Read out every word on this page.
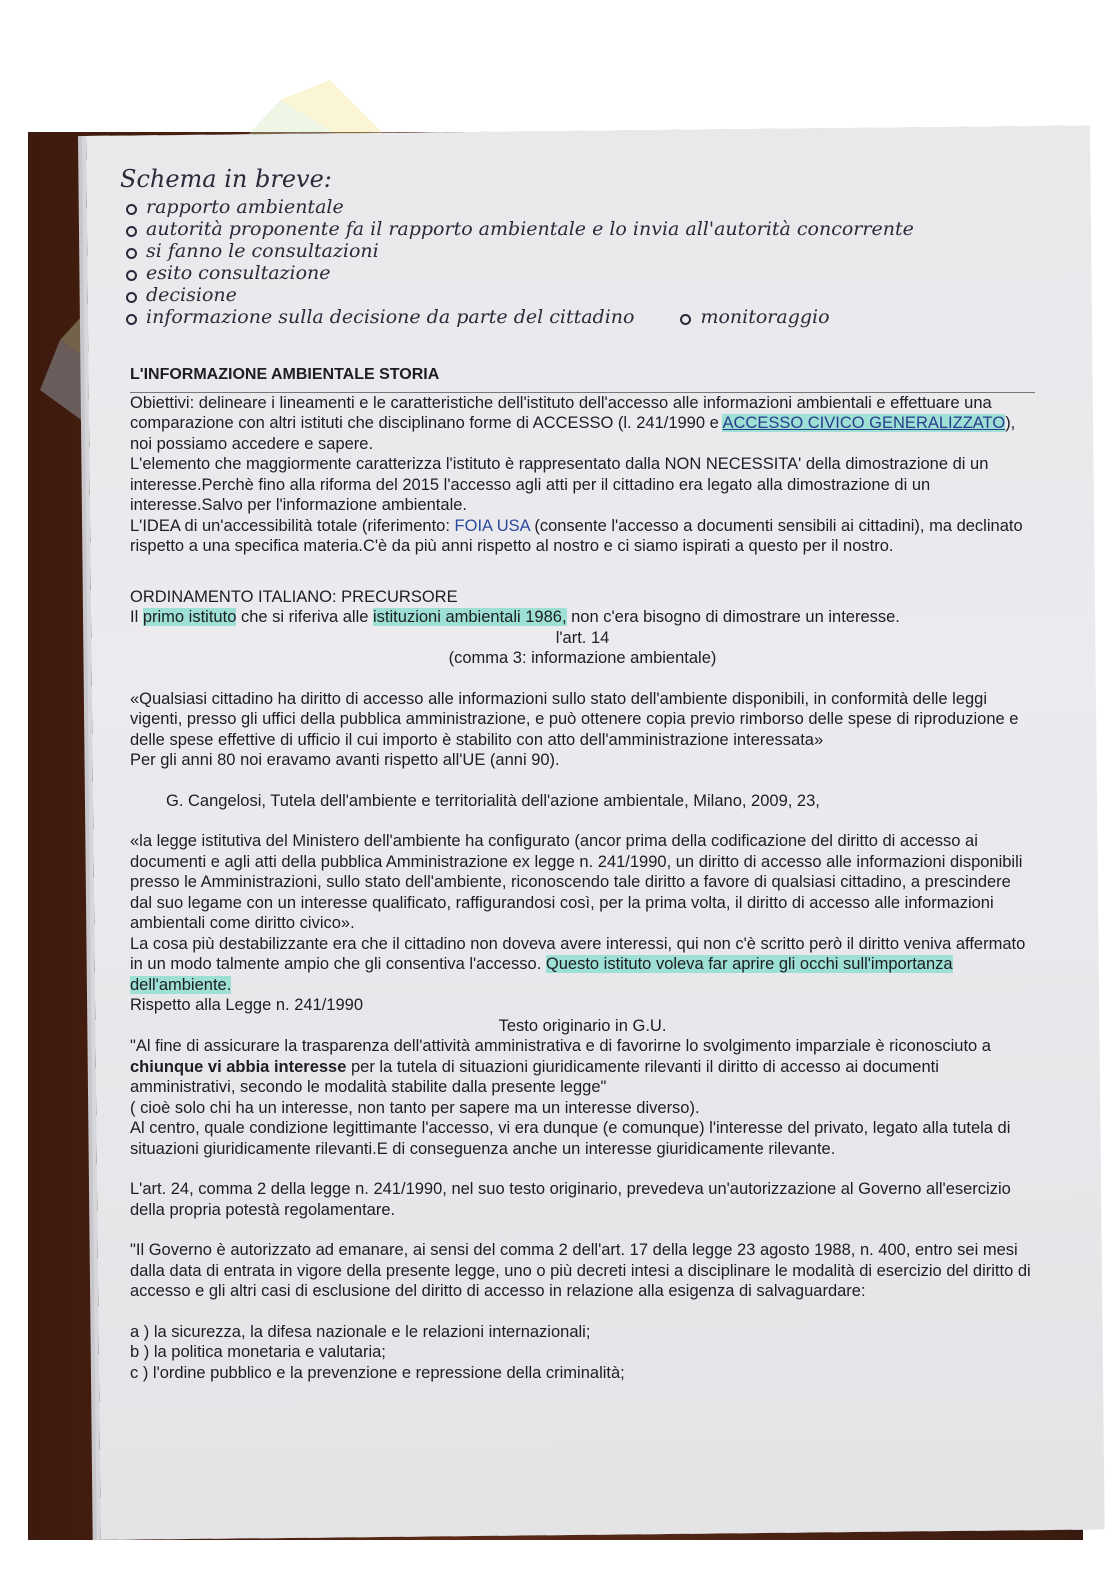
Schema in breve:
rapporto ambientale
autorità proponente fa il rapporto ambientale e lo invia all'autorità concorrente
si fanno le consultazioni
esito consultazione
decisione
informazione sulla decisione da parte del cittadino	monitoraggio

L'INFORMAZIONE AMBIENTALE STORIA

Obiettivi: delineare i lineamenti e le caratteristiche dell'istituto dell'accesso alle informazioni ambientali e effettuare una comparazione con altri istituti che disciplinano forme di ACCESSO (l. 241/1990 e ACCESSO CIVICO GENERALIZZATO), noi possiamo accedere e sapere.

L'elemento che maggiormente caratterizza l'istituto è rappresentato dalla NON NECESSITA' della dimostrazione di un interesse.Perchè fino alla riforma del 2015 l'accesso agli atti per il cittadino era legato alla dimostrazione di un interesse.Salvo per l'informazione ambientale.

L'IDEA di un'accessibilità totale (riferimento: FOIA USA (consente l'accesso a documenti sensibili ai cittadini), ma declinato rispetto a una specifica materia.C'è da più anni rispetto al nostro e ci siamo ispirati a questo per il nostro.

ORDINAMENTO ITALIANO: PRECURSORE

Il primo istituto che si riferiva alle istituzioni ambientali 1986, non c'era bisogno di dimostrare un interesse.

l'art. 14

(comma 3: informazione ambientale)

«Qualsiasi cittadino ha diritto di accesso alle informazioni sullo stato dell'ambiente disponibili, in conformità delle leggi vigenti, presso gli uffici della pubblica amministrazione, e può ottenere copia previo rimborso delle spese di riproduzione e delle spese effettive di ufficio il cui importo è stabilito con atto dell'amministrazione interessata»

Per gli anni 80 noi eravamo avanti rispetto all'UE (anni 90).

G. Cangelosi, Tutela dell'ambiente e territorialità dell'azione ambientale, Milano, 2009, 23,

«la legge istitutiva del Ministero dell'ambiente ha configurato (ancor prima della codificazione del diritto di accesso ai documenti e agli atti della pubblica Amministrazione ex legge n. 241/1990, un diritto di accesso alle informazioni disponibili presso le Amministrazioni, sullo stato dell'ambiente, riconoscendo tale diritto a favore di qualsiasi cittadino, a prescindere dal suo legame con un interesse qualificato, raffigurandosi così, per la prima volta, il diritto di accesso alle informazioni ambientali come diritto civico».

La cosa più destabilizzante era che il cittadino non doveva avere interessi, qui non c'è scritto però il diritto veniva affermato in un modo talmente ampio che gli consentiva l'accesso. Questo istituto voleva far aprire gli occhi sull'importanza dell'ambiente.

Rispetto alla Legge n. 241/1990

Testo originario in G.U.

"Al fine di assicurare la trasparenza dell'attività amministrativa e di favorirne lo svolgimento imparziale è riconosciuto a chiunque vi abbia interesse per la tutela di situazioni giuridicamente rilevanti il diritto di accesso ai documenti amministrativi, secondo le modalità stabilite dalla presente legge"

( cioè solo chi ha un interesse, non tanto per sapere ma un interesse diverso).

Al centro, quale condizione legittimante l'accesso, vi era dunque (e comunque) l'interesse del privato, legato alla tutela di situazioni giuridicamente rilevanti.E di conseguenza anche un interesse giuridicamente rilevante.

L'art. 24, comma 2 della legge n. 241/1990, nel suo testo originario, prevedeva un'autorizzazione al Governo all'esercizio della propria potestà regolamentare.

"Il Governo è autorizzato ad emanare, ai sensi del comma 2 dell'art. 17 della legge 23 agosto 1988, n. 400, entro sei mesi dalla data di entrata in vigore della presente legge, uno o più decreti intesi a disciplinare le modalità di esercizio del diritto di accesso e gli altri casi di esclusione del diritto di accesso in relazione alla esigenza di salvaguardare:

a ) la sicurezza, la difesa nazionale e le relazioni internazionali;

b ) la politica monetaria e valutaria;

c ) l'ordine pubblico e la prevenzione e repressione della criminalità;
